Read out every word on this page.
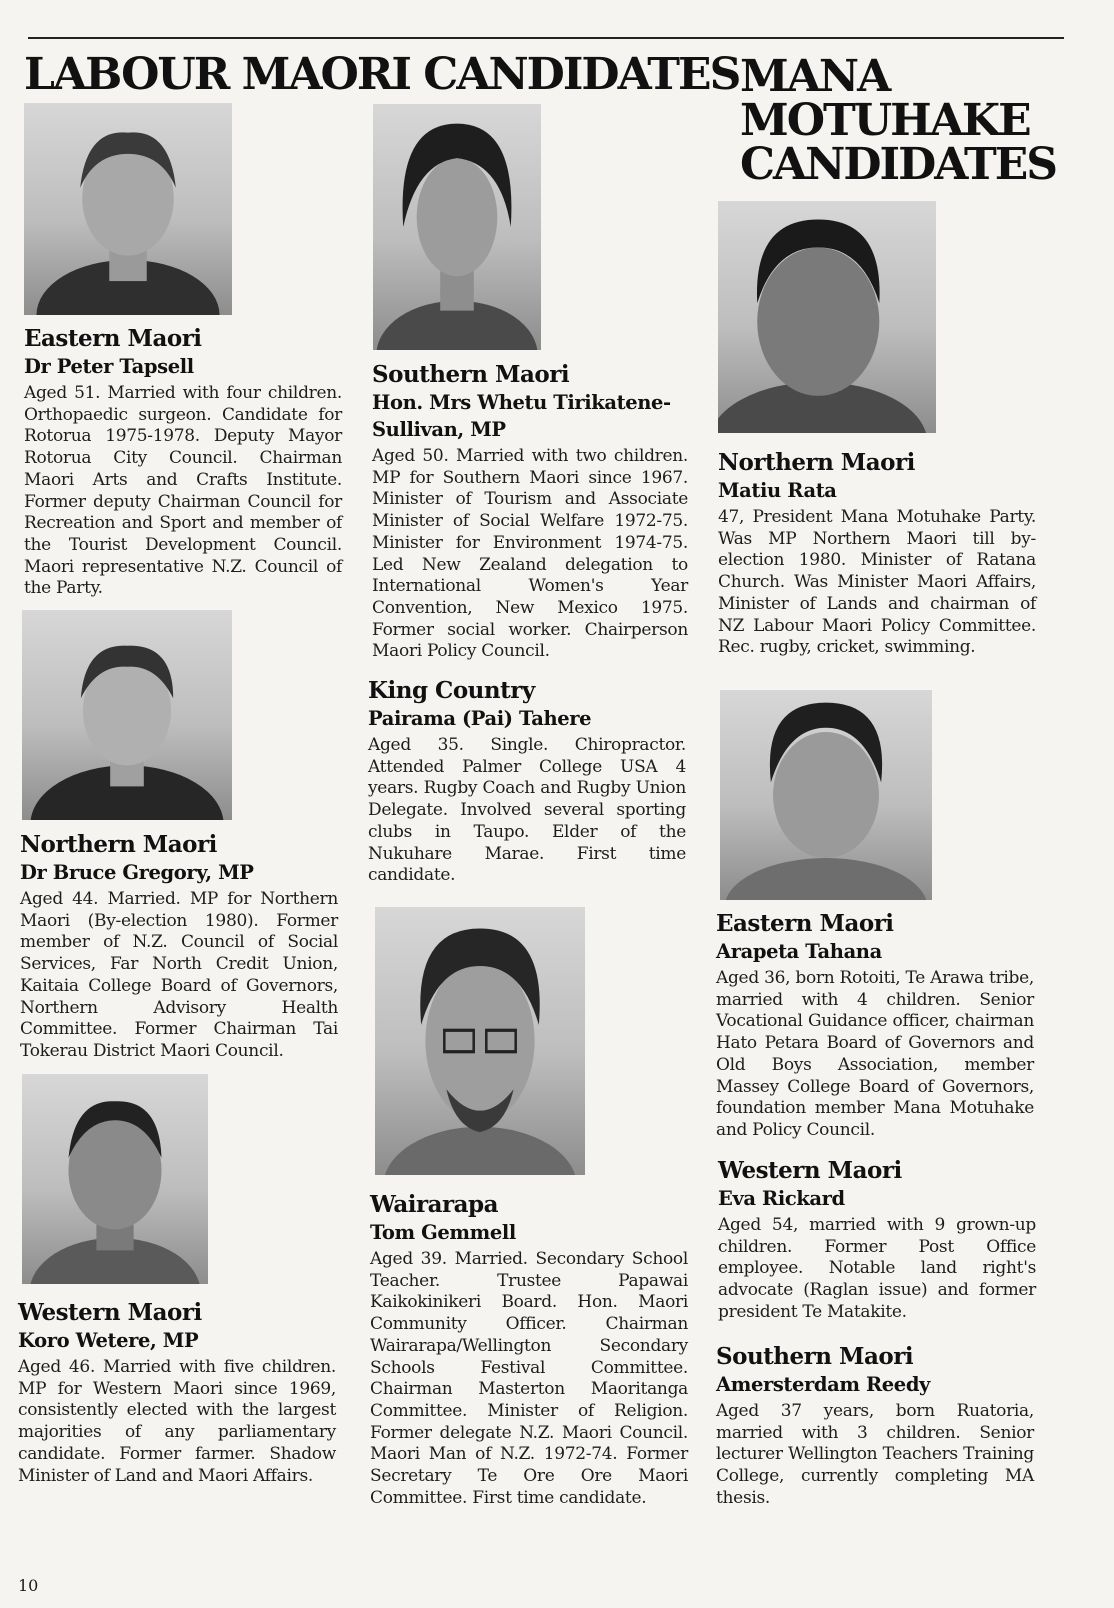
LABOUR MAORI CANDIDATES MANA MOTUHAKE CANDIDATES
Eastern Maori
Dr Peter Tapsell
Aged 51. Married with four children. Orthopaedic surgeon. Candidate for Rotorua 1975-1978. Deputy Mayor Rotorua City Council. Chairman Maori Arts and Crafts Institute. Former deputy Chairman Council for Recreation and Sport and member of the Tourist Development Council. Maori representative N.Z. Council of the Party.
Northern Maori
Dr Bruce Gregory, MP
Aged 44. Married. MP for Northern Maori (By-election 1980). Former member of N.Z. Council of Social Services, Far North Credit Union, Kaitaia College Board of Governors, Northern Advisory Health Committee. Former Chairman Tai Tokerau District Maori Council.
Western Maori
Koro Wetere, MP
Aged 46. Married with five children. MP for Western Maori since 1969, consistently elected with the largest majorities of any parliamentary candidate. Former farmer. Shadow Minister of Land and Maori Affairs.
Southern Maori
Hon. Mrs Whetu Tirikatene-Sullivan, MP
Aged 50. Married with two children. MP for Southern Maori since 1967. Minister of Tourism and Associate Minister of Social Welfare 1972-75. Minister for Environment 1974-75. Led New Zealand delegation to International Women's Year Convention, New Mexico 1975. Former social worker. Chairperson Maori Policy Council.
King Country
Pairama (Pai) Tahere
Aged 35. Single. Chiropractor. Attended Palmer College USA 4 years. Rugby Coach and Rugby Union Delegate. Involved several sporting clubs in Taupo. Elder of the Nukuhare Marae. First time candidate.
Wairarapa
Tom Gemmell
Aged 39. Married. Secondary School Teacher. Trustee Papawai Kaikokinikeri Board. Hon. Maori Community Officer. Chairman Wairarapa/Wellington Secondary Schools Festival Committee. Chairman Masterton Maoritanga Committee. Minister of Religion. Former delegate N.Z. Maori Council. Maori Man of N.Z. 1972-74. Former Secretary Te Ore Ore Maori Committee. First time candidate.
Northern Maori
Matiu Rata
47, President Mana Motuhake Party. Was MP Northern Maori till by-election 1980. Minister of Ratana Church. Was Minister Maori Affairs, Minister of Lands and chairman of NZ Labour Maori Policy Committee. Rec. rugby, cricket, swimming.
Eastern Maori
Arapeta Tahana
Aged 36, born Rotoiti, Te Arawa tribe, married with 4 children. Senior Vocational Guidance officer, chairman Hato Petara Board of Governors and Old Boys Association, member Massey College Board of Governors, foundation member Mana Motuhake and Policy Council.
Western Maori
Eva Rickard
Aged 54, married with 9 grown-up children. Former Post Office employee. Notable land right's advocate (Raglan issue) and former president Te Matakite.
Southern Maori
Amersterdam Reedy
Aged 37 years, born Ruatoria, married with 3 children. Senior lecturer Wellington Teachers Training College, currently completing MA thesis.
10
